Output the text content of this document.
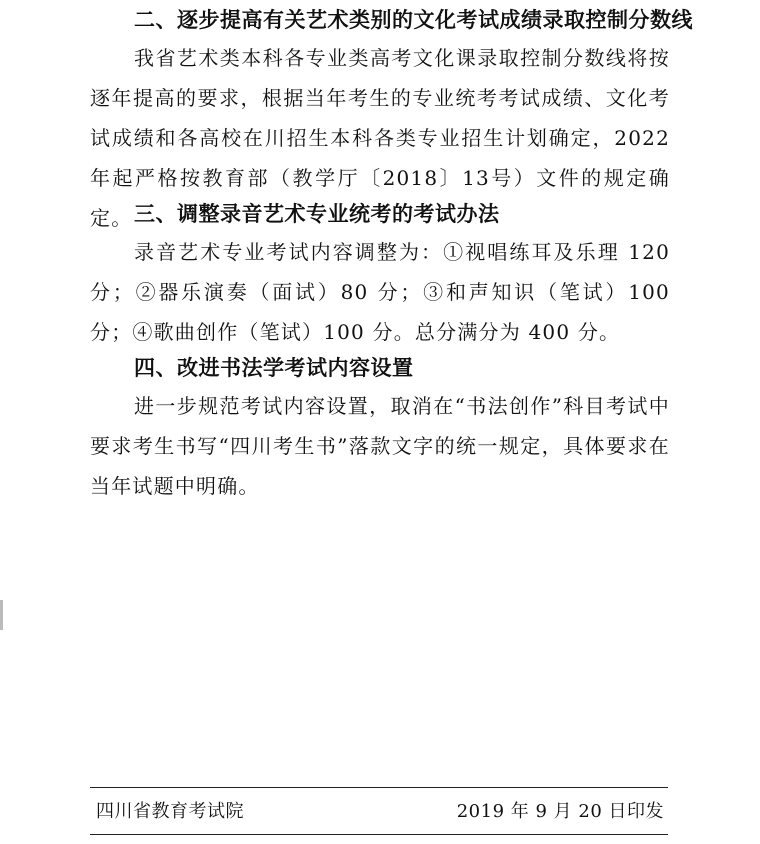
二、逐步提高有关艺术类别的文化考试成绩录取控制分数线
我省艺术类本科各专业类高考文化课录取控制分数线将按逐年提高的要求，根据当年考生的专业统考考试成绩、文化考试成绩和各高校在川招生本科各类专业招生计划确定，2022年起严格按教育部（教学厅〔2018〕13号）文件的规定确定。 三、调整录音艺术专业统考的考试办法
录音艺术专业考试内容调整为：①视唱练耳及乐理 120 分；②器乐演奏（面试）80 分；③和声知识（笔试）100 分；④歌曲创作（笔试）100 分。总分满分为 400 分。
四、改进书法学考试内容设置
进一步规范考试内容设置，取消在“书法创作”科目考试中要求考生书写“四川考生书”落款文字的统一规定，具体要求在当年试题中明确。
四川省教育考试院	2019 年 9 月 20 日印发
